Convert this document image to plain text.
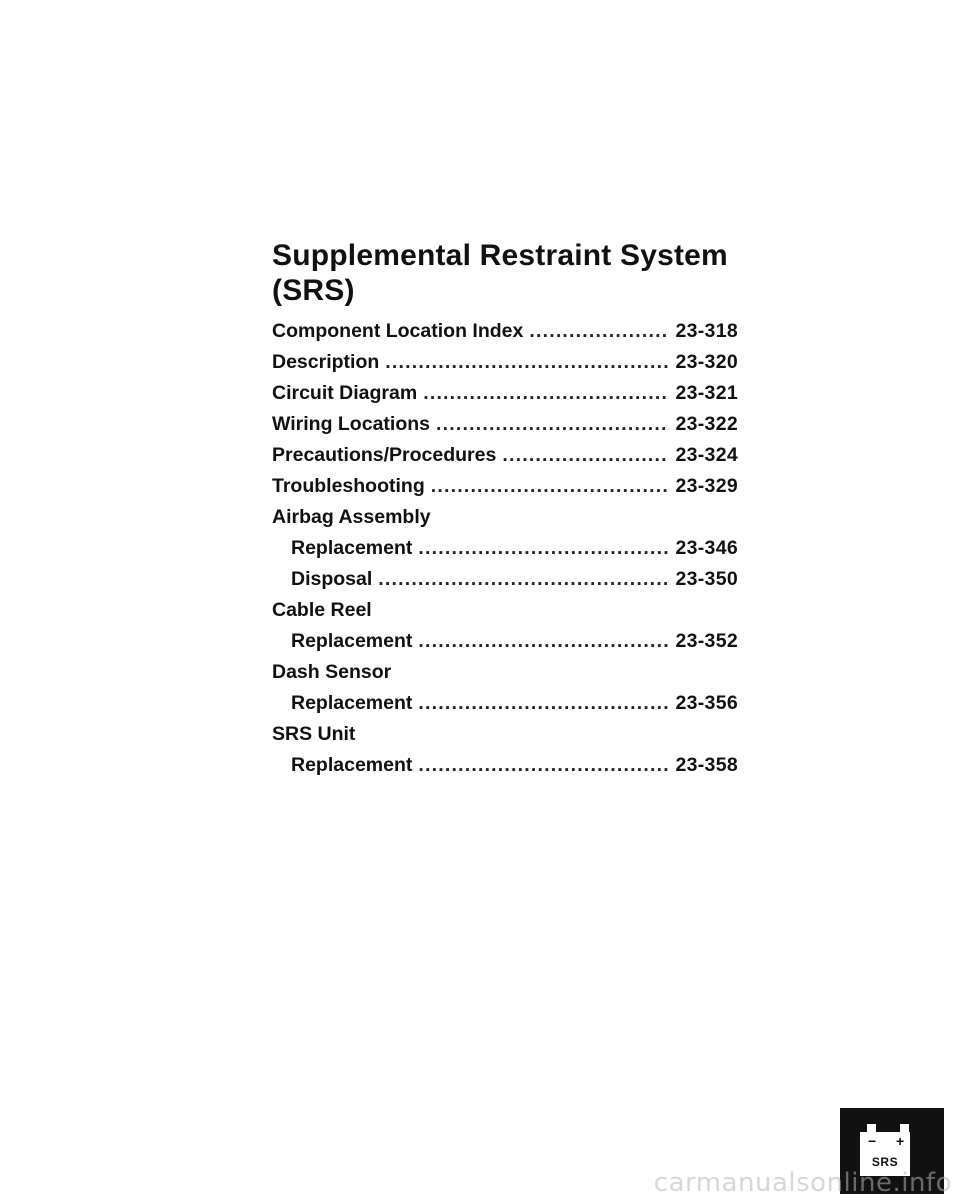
Supplemental Restraint System
(SRS)
Component Location Index .....	23-318
Description .....	23-320
Circuit Diagram .....	23-321
Wiring Locations .....	23-322
Precautions/Procedures .....	23-324
Troubleshooting .....	23-329
Airbag Assembly
Replacement .....	23-346
Disposal .....	23-350
Cable Reel
Replacement .....	23-352
Dash Sensor
Replacement .....	23-356
SRS Unit
Replacement .....	23-358
− +
SRS
carmanualsonline.info
